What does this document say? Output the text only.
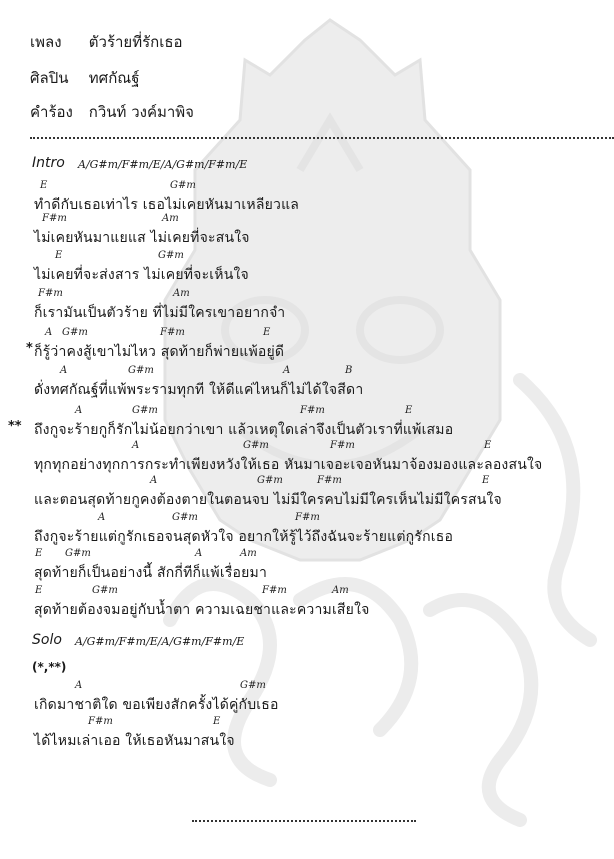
เพลง ตัวร้ายที่รักเธอ
ศิลปิน ทศกัณฐ์
คำร้อง กวินท์ วงค์มาพิจ
Intro A/G#m/F#m/E/A/G#m/F#m/E
E	G#m
ทำดีกับเธอเท่าไร เธอไม่เคยหันมาเหลียวแล
F#m	Am
ไม่เคยหันมาแยแส ไม่เคยที่จะสนใจ
E	G#m
ไม่เคยที่จะส่งสาร ไม่เคยที่จะเห็นใจ
F#m	Am
ก็เรามันเป็นตัวร้าย ที่ไม่มีใครเขาอยากจำ
*
A G#m	F#m	E
ก็รู้ว่าคงสู้เขาไม่ไหว สุดท้ายก็พ่ายแพ้อยู่ดี
A	G#m	A	B
ดั่งทศกัณฐ์ที่แพ้พระรามทุกที ให้ดีแค่ไหนก็ไม่ได้ใจสีดา
**
A	G#m	F#m	E
ถึงกูจะร้ายกูก็รักไม่น้อยกว่าเขา แล้วเหตุใดเล่าจึงเป็นตัวเราที่แพ้เสมอ
A	G#m	F#m	E
ทุกทุกอย่างทุกการกระทำเพียงหวังให้เธอ หันมาเจอะเจอหันมาจ้องมองและลองสนใจ
A	G#m	F#m	E
และตอนสุดท้ายกูคงต้องตายในตอนจบ ไม่มีใครคบไม่มีใครเห็นไม่มีใครสนใจ
A	G#m	F#m
ถึงกูจะร้ายแต่กูรักเธอจนสุดหัวใจ อยากให้รู้ไว้ถึงฉันจะร้ายแต่กูรักเธอ
E G#m	A	Am
สุดท้ายก็เป็นอย่างนี้ สักกี่ทีก็แพ้เรื่อยมา
E	G#m	F#m	Am
สุดท้ายต้องจมอยู่กับน้ำตา ความเฉยชาและความเสียใจ
Solo A/G#m/F#m/E/A/G#m/F#m/E
(*,**)
A	G#m
เกิดมาชาติใด ขอเพียงสักครั้งได้คู่กับเธอ
F#m	E
ได้ไหมเล่าเออ ให้เธอหันมาสนใจ
